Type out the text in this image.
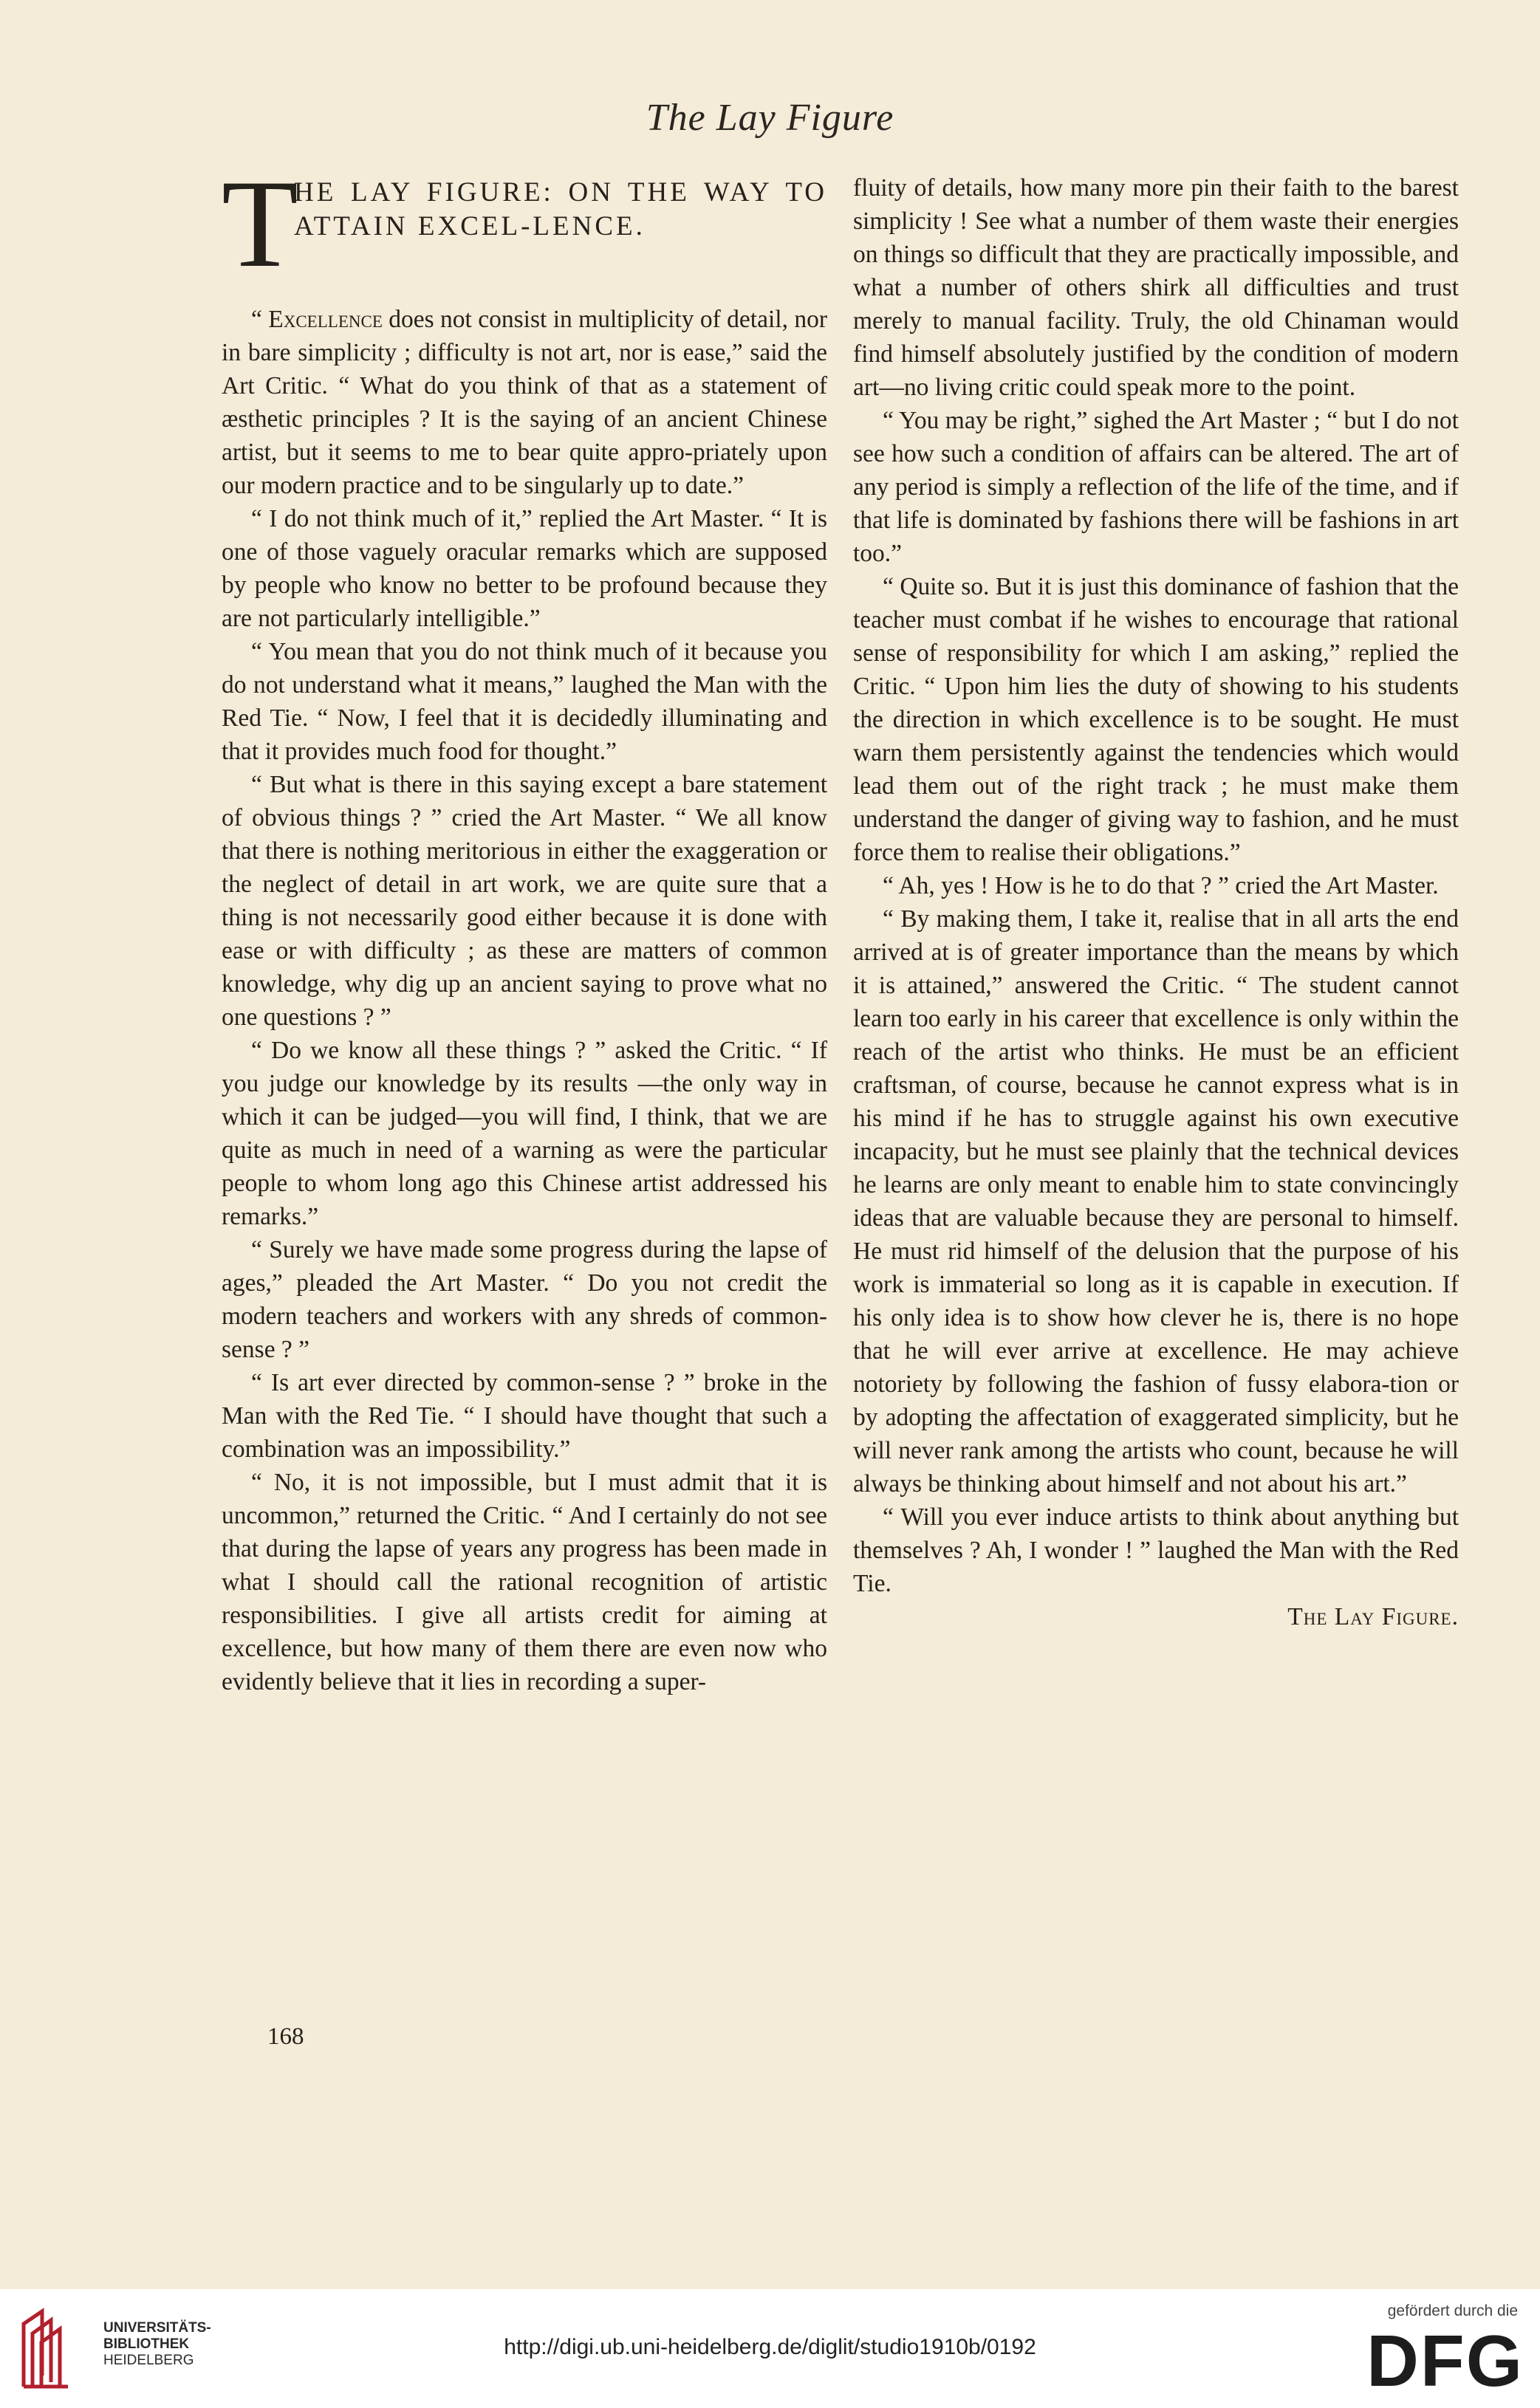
The Lay Figure
T
HE LAY FIGURE: ON THE WAY TO ATTAIN EXCEL-LENCE.

“ Excellence does not consist in multiplicity of detail, nor in bare simplicity ; difficulty is not art, nor is ease,” said the Art Critic. “ What do you think of that as a statement of æsthetic principles ? It is the saying of an ancient Chinese artist, but it seems to me to bear quite appro-priately upon our modern practice and to be singularly up to date.”

“ I do not think much of it,” replied the Art Master. “ It is one of those vaguely oracular remarks which are supposed by people who know no better to be profound because they are not particularly intelligible.”

“ You mean that you do not think much of it because you do not understand what it means,” laughed the Man with the Red Tie. “ Now, I feel that it is decidedly illuminating and that it provides much food for thought.”

“ But what is there in this saying except a bare statement of obvious things ? ” cried the Art Master. “ We all know that there is nothing meritorious in either the exaggeration or the neglect of detail in art work, we are quite sure that a thing is not necessarily good either because it is done with ease or with difficulty ; as these are matters of common knowledge, why dig up an ancient saying to prove what no one questions ? ”

“ Do we know all these things ? ” asked the Critic. “ If you judge our knowledge by its results —the only way in which it can be judged—you will find, I think, that we are quite as much in need of a warning as were the particular people to whom long ago this Chinese artist addressed his remarks.”

“ Surely we have made some progress during the lapse of ages,” pleaded the Art Master. “ Do you not credit the modern teachers and workers with any shreds of common-sense ? ”

“ Is art ever directed by common-sense ? ” broke in the Man with the Red Tie. “ I should have thought that such a combination was an impossibility.”

“ No, it is not impossible, but I must admit that it is uncommon,” returned the Critic. “ And I certainly do not see that during the lapse of years any progress has been made in what I should call the rational recognition of artistic responsibilities. I give all artists credit for aiming at excellence, but how many of them there are even now who evidently believe that it lies in recording a super-

fluity of details, how many more pin their faith to the barest simplicity ! See what a number of them waste their energies on things so difficult that they are practically impossible, and what a number of others shirk all difficulties and trust merely to manual facility. Truly, the old Chinaman would find himself absolutely justified by the condition of modern art—no living critic could speak more to the point.

“ You may be right,” sighed the Art Master ; “ but I do not see how such a condition of affairs can be altered. The art of any period is simply a reflection of the life of the time, and if that life is dominated by fashions there will be fashions in art too.”

“ Quite so. But it is just this dominance of fashion that the teacher must combat if he wishes to encourage that rational sense of responsibility for which I am asking,” replied the Critic. “ Upon him lies the duty of showing to his students the direction in which excellence is to be sought. He must warn them persistently against the tendencies which would lead them out of the right track ; he must make them understand the danger of giving way to fashion, and he must force them to realise their obligations.”

“ Ah, yes ! How is he to do that ? ” cried the Art Master.

“ By making them, I take it, realise that in all arts the end arrived at is of greater importance than the means by which it is attained,” answered the Critic. “ The student cannot learn too early in his career that excellence is only within the reach of the artist who thinks. He must be an efficient craftsman, of course, because he cannot express what is in his mind if he has to struggle against his own executive incapacity, but he must see plainly that the technical devices he learns are only meant to enable him to state convincingly ideas that are valuable because they are personal to himself. He must rid himself of the delusion that the purpose of his work is immaterial so long as it is capable in execution. If his only idea is to show how clever he is, there is no hope that he will ever arrive at excellence. He may achieve notoriety by following the fashion of fussy elabora-tion or by adopting the affectation of exaggerated simplicity, but he will never rank among the artists who count, because he will always be thinking about himself and not about his art.”

“ Will you ever induce artists to think about anything but themselves ? Ah, I wonder ! ” laughed the Man with the Red Tie.

The Lay Figure.

168
UNIVERSITÄTS-
BIBLIOTHEK
HEIDELBERG
http://digi.ub.uni-heidelberg.de/diglit/studio1910b/0192
gefördert durch die
DFG
